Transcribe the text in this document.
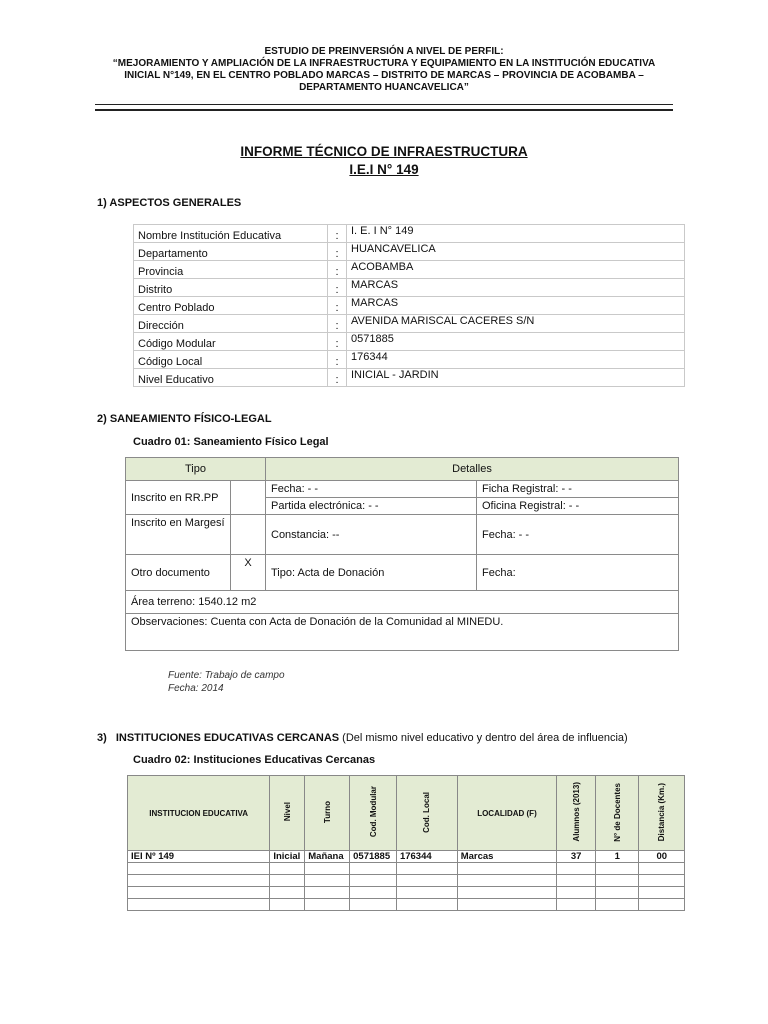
ESTUDIO DE PREINVERSIÓN A NIVEL DE PERFIL:
“MEJORAMIENTO Y AMPLIACIÓN DE LA INFRAESTRUCTURA Y EQUIPAMIENTO EN LA INSTITUCIÓN EDUCATIVA INICIAL N°149, EN EL CENTRO POBLADO MARCAS – DISTRITO DE MARCAS – PROVINCIA DE ACOBAMBA – DEPARTAMENTO HUANCAVELICA”
INFORME TÉCNICO DE INFRAESTRUCTURA
I.E.I N° 149
1) ASPECTOS GENERALES
Nombre Institución Educativa	:	I. E. I N° 149
Departamento	:	HUANCAVELICA
Provincia	:	ACOBAMBA
Distrito	:	MARCAS
Centro Poblado	:	MARCAS
Dirección	:	AVENIDA MARISCAL CACERES S/N
Código Modular	:	0571885
Código Local	:	176344
Nivel Educativo	:	INICIAL - JARDIN
2) SANEAMIENTO FÍSICO-LEGAL
Cuadro 01: Saneamiento Físico Legal
Tipo		Detalles	
Inscrito en RR.PP		Fecha: - -	Ficha Registral: - -
		Partida electrónica: - -	Oficina Registral: - -
Inscrito en Margesí		Constancia: --	Fecha: - -
Otro documento	X	Tipo: Acta de Donación	Fecha:
Área terreno: 1540.12 m2			
Observaciones: Cuenta con Acta de Donación de la Comunidad al MINEDU.			
Fuente: Trabajo de campo
Fecha: 2014
3) INSTITUCIONES EDUCATIVAS CERCANAS (Del mismo nivel educativo y dentro del área de influencia)
Cuadro 02: Instituciones Educativas Cercanas
INSTITUCION EDUCATIVA	Nivel	Turno	Cod. Modular	Cod. Local	LOCALIDAD (F)	Alumnos (2013)	N° de Docentes	Distancia (Km.)
IEI Nº 149	Inicial	Mañana	0571885	176344	Marcas	37	1	00
